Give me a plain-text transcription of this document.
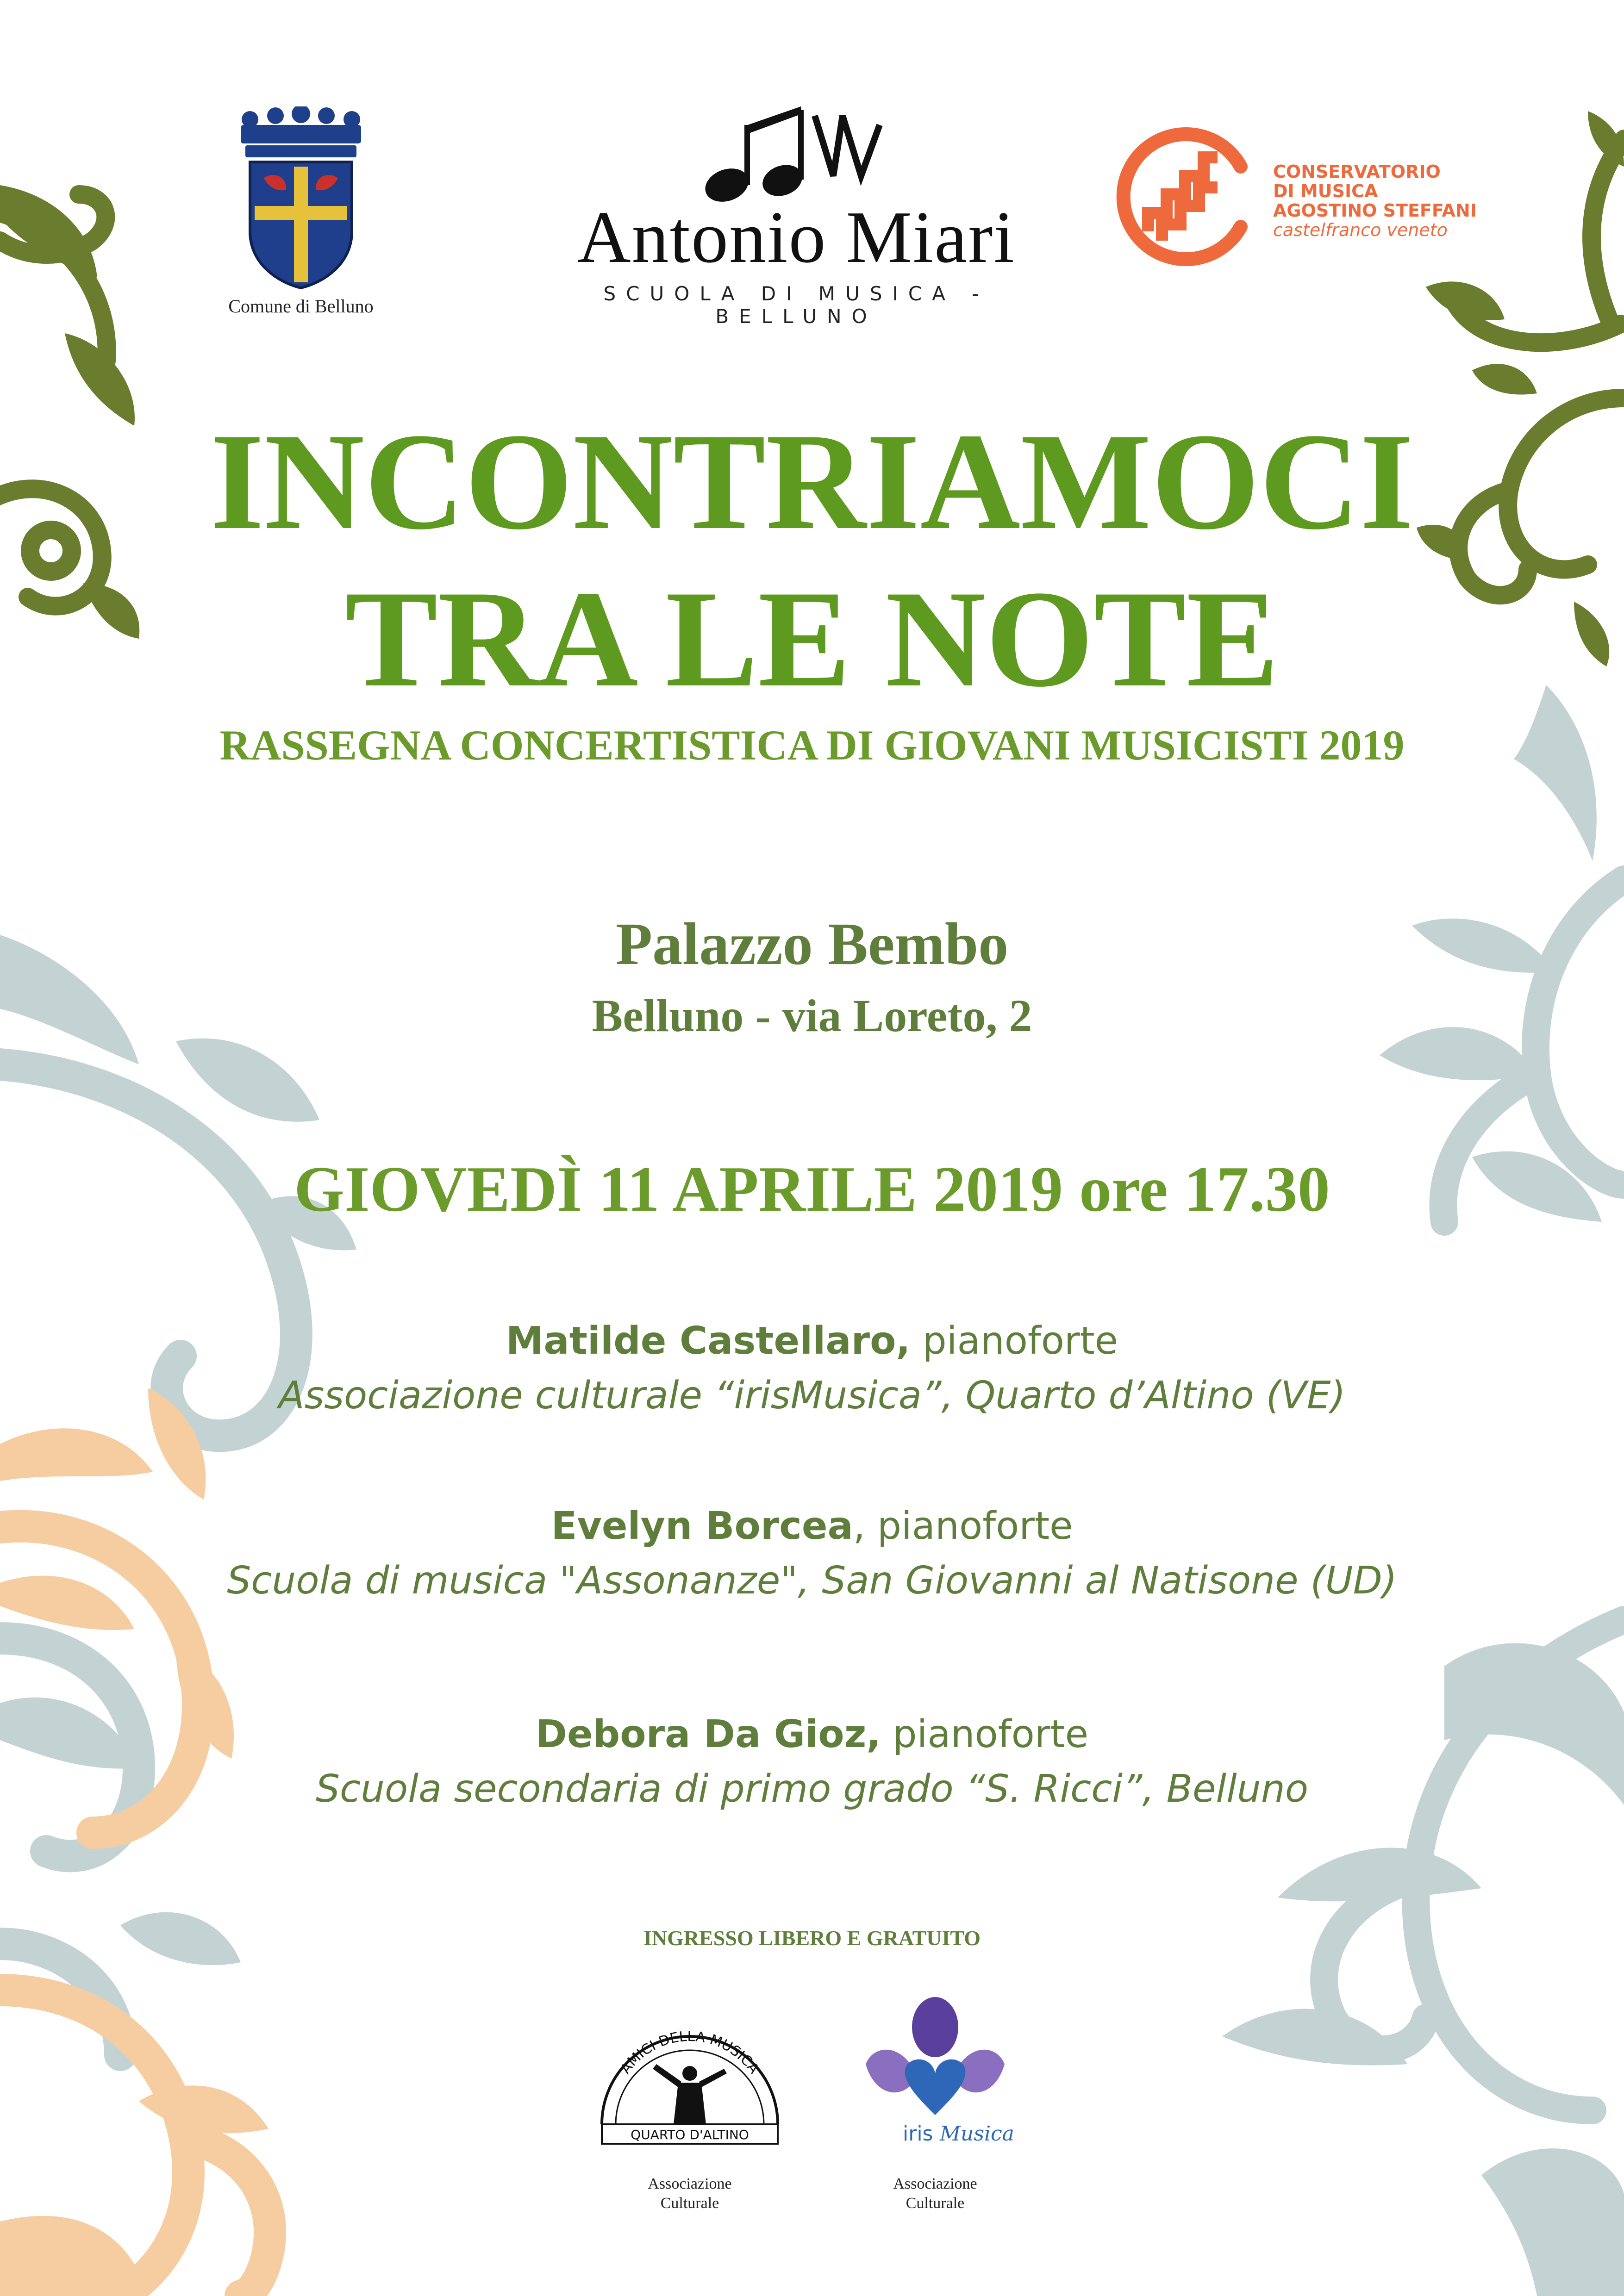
Comune di Belluno
Antonio Miari
SCUOLA DI MUSICA - BELLUNO
CONSERVATORIO
DI MUSICA
AGOSTINO STEFFANI
castelfranco veneto
INCONTRIAMOCI
TRA LE NOTE
RASSEGNA CONCERTISTICA DI GIOVANI MUSICISTI 2019
Palazzo Bembo
Belluno - via Loreto, 2
GIOVEDÌ 11 APRILE 2019 ore 17.30
Matilde Castellaro, pianoforte
Associazione culturale “irisMusica”, Quarto d’Altino (VE)
Evelyn Borcea, pianoforte
Scuola di musica "Assonanze", San Giovanni al Natisone (UD)
Debora Da Gioz, pianoforte
Scuola secondaria di primo grado “S. Ricci”, Belluno
INGRESSO LIBERO E GRATUITO
AMICI DELLA MUSICA
QUARTO D'ALTINO
Associazione
Culturale
iris Musica
Associazione
Culturale
